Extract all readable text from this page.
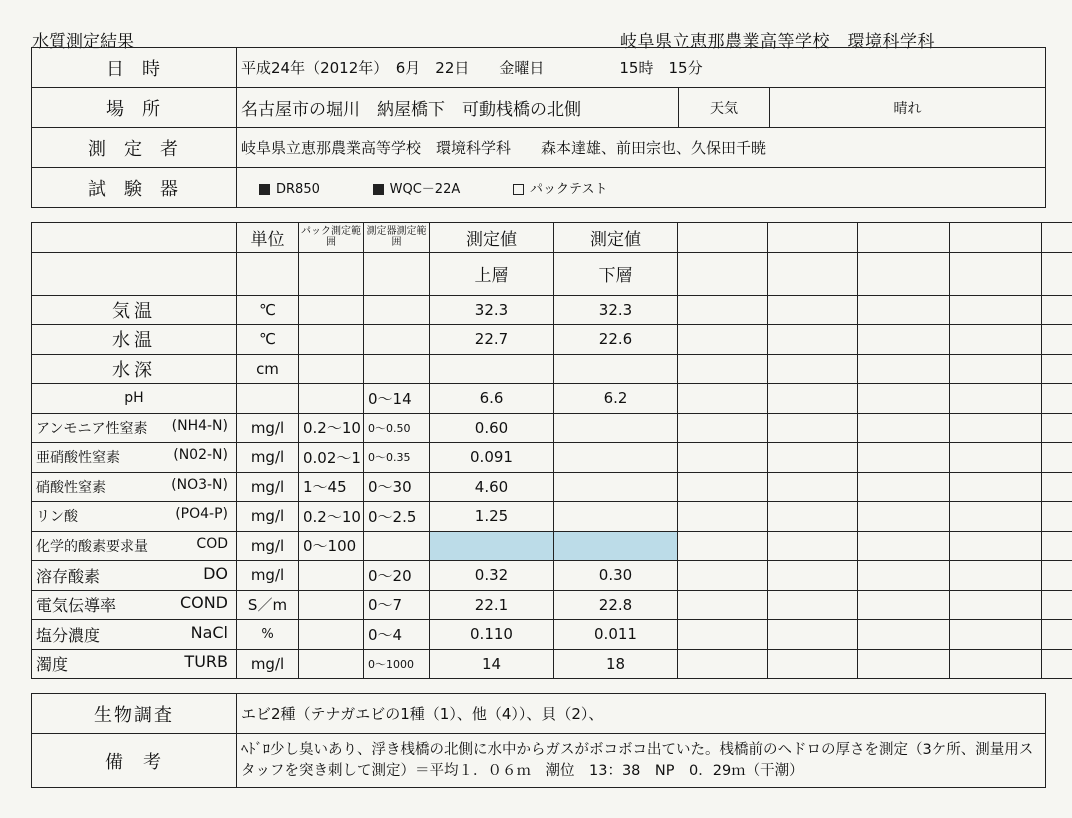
水質測定結果	岐阜県立恵那農業高等学校　環境科学科
日時	平成24年（2012年）　6月　22日　　金曜日　　　　　15時　15分		
場所	名古屋市の堀川　納屋橋下　可動桟橋の北側	天気	晴れ
測定者	岐阜県立恵那農業高等学校　環境科学科　　森本達雄、前田宗也、久保田千暁		
試験器	DR850 WQC－22A パックテスト		
	単位	パック測定範囲	測定器測定範囲	測定値	測定値					
				上層	下層					
気温	℃			32.3	32.3					
水温	℃			22.7	22.6					
水深	cm									
pH			0～14	6.6	6.2					

アンモニア性窒素 (NH4-N)	mg/l	0.2～10	0～0.50	0.60						

亜硝酸性窒素 (N02-N)	mg/l	0.02～1	0～0.35	0.091						

硝酸性窒素 (NO3-N)	mg/l	1～45	0～30	4.60						

リン酸 (PO4-P)	mg/l	0.2～10	0～2.5	1.25						

化学的酸素要求量 COD	mg/l	0～100								

溶存酸素 DO	mg/l		0～20	0.32	0.30					

電気伝導率 COND	S／m		0～7	22.1	22.8					

塩分濃度 NaCl	%		0～4	0.110	0.011					

濁度 TURB	mg/l		0～1000	14	18					
生物調査	エビ2種（テナガエビの1種（1）、他（4））、貝（2）、
備考	ﾍﾄﾞﾛ少し臭いあり、浮き桟橋の北側に水中からガスがボコボコ出ていた。桟橋前のヘドロの厚さを測定（3ケ所、測量用スタッフを突き刺して測定）＝平均１．０６ｍ　潮位　13：38　NP　0．29ｍ（干潮）
